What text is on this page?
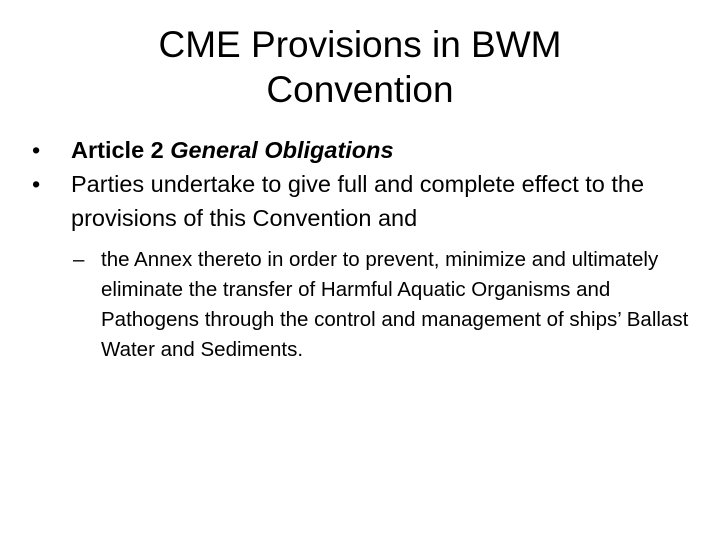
CME Provisions in BWM
Convention
• Article 2 General Obligations
• Parties undertake to give full and complete effect to the provisions of this Convention and
– the Annex thereto in order to prevent, minimize and ultimately eliminate the transfer of Harmful Aquatic Organisms and Pathogens through the control and management of ships’ Ballast Water and Sediments.
